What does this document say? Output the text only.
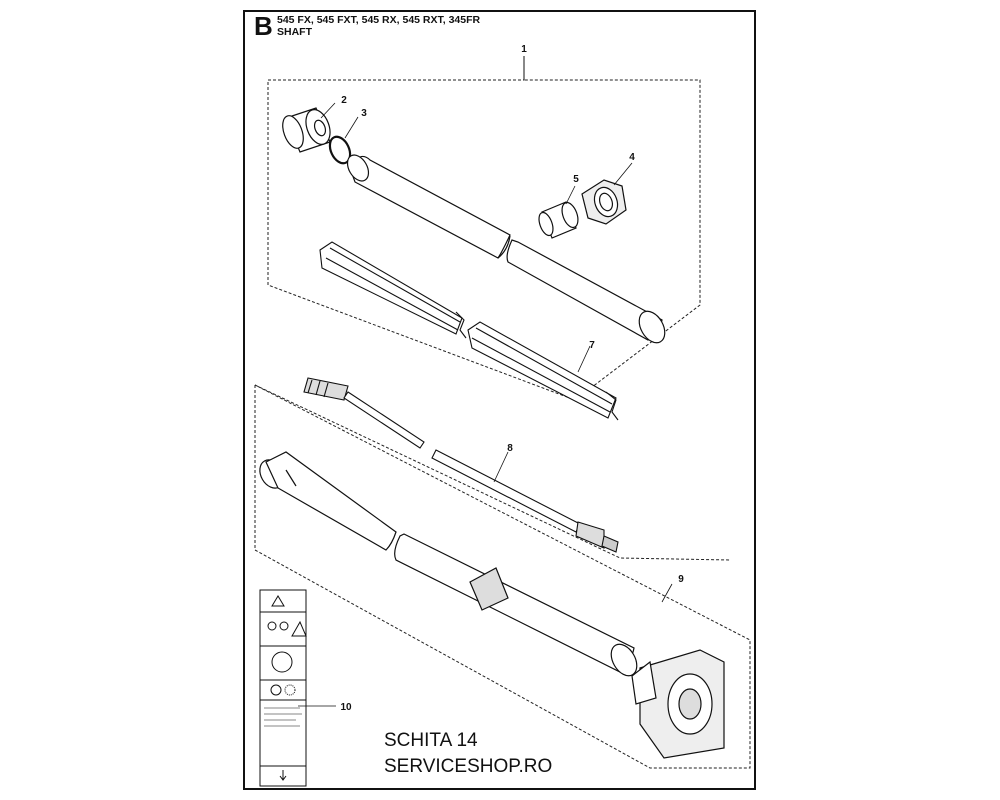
B 545 FX, 545 FXT, 545 RX, 545 RXT, 345FR
SHAFT
1
2
3
4
5
7
8
9
10
SCHITA 14
SERVICESHOP.RO
